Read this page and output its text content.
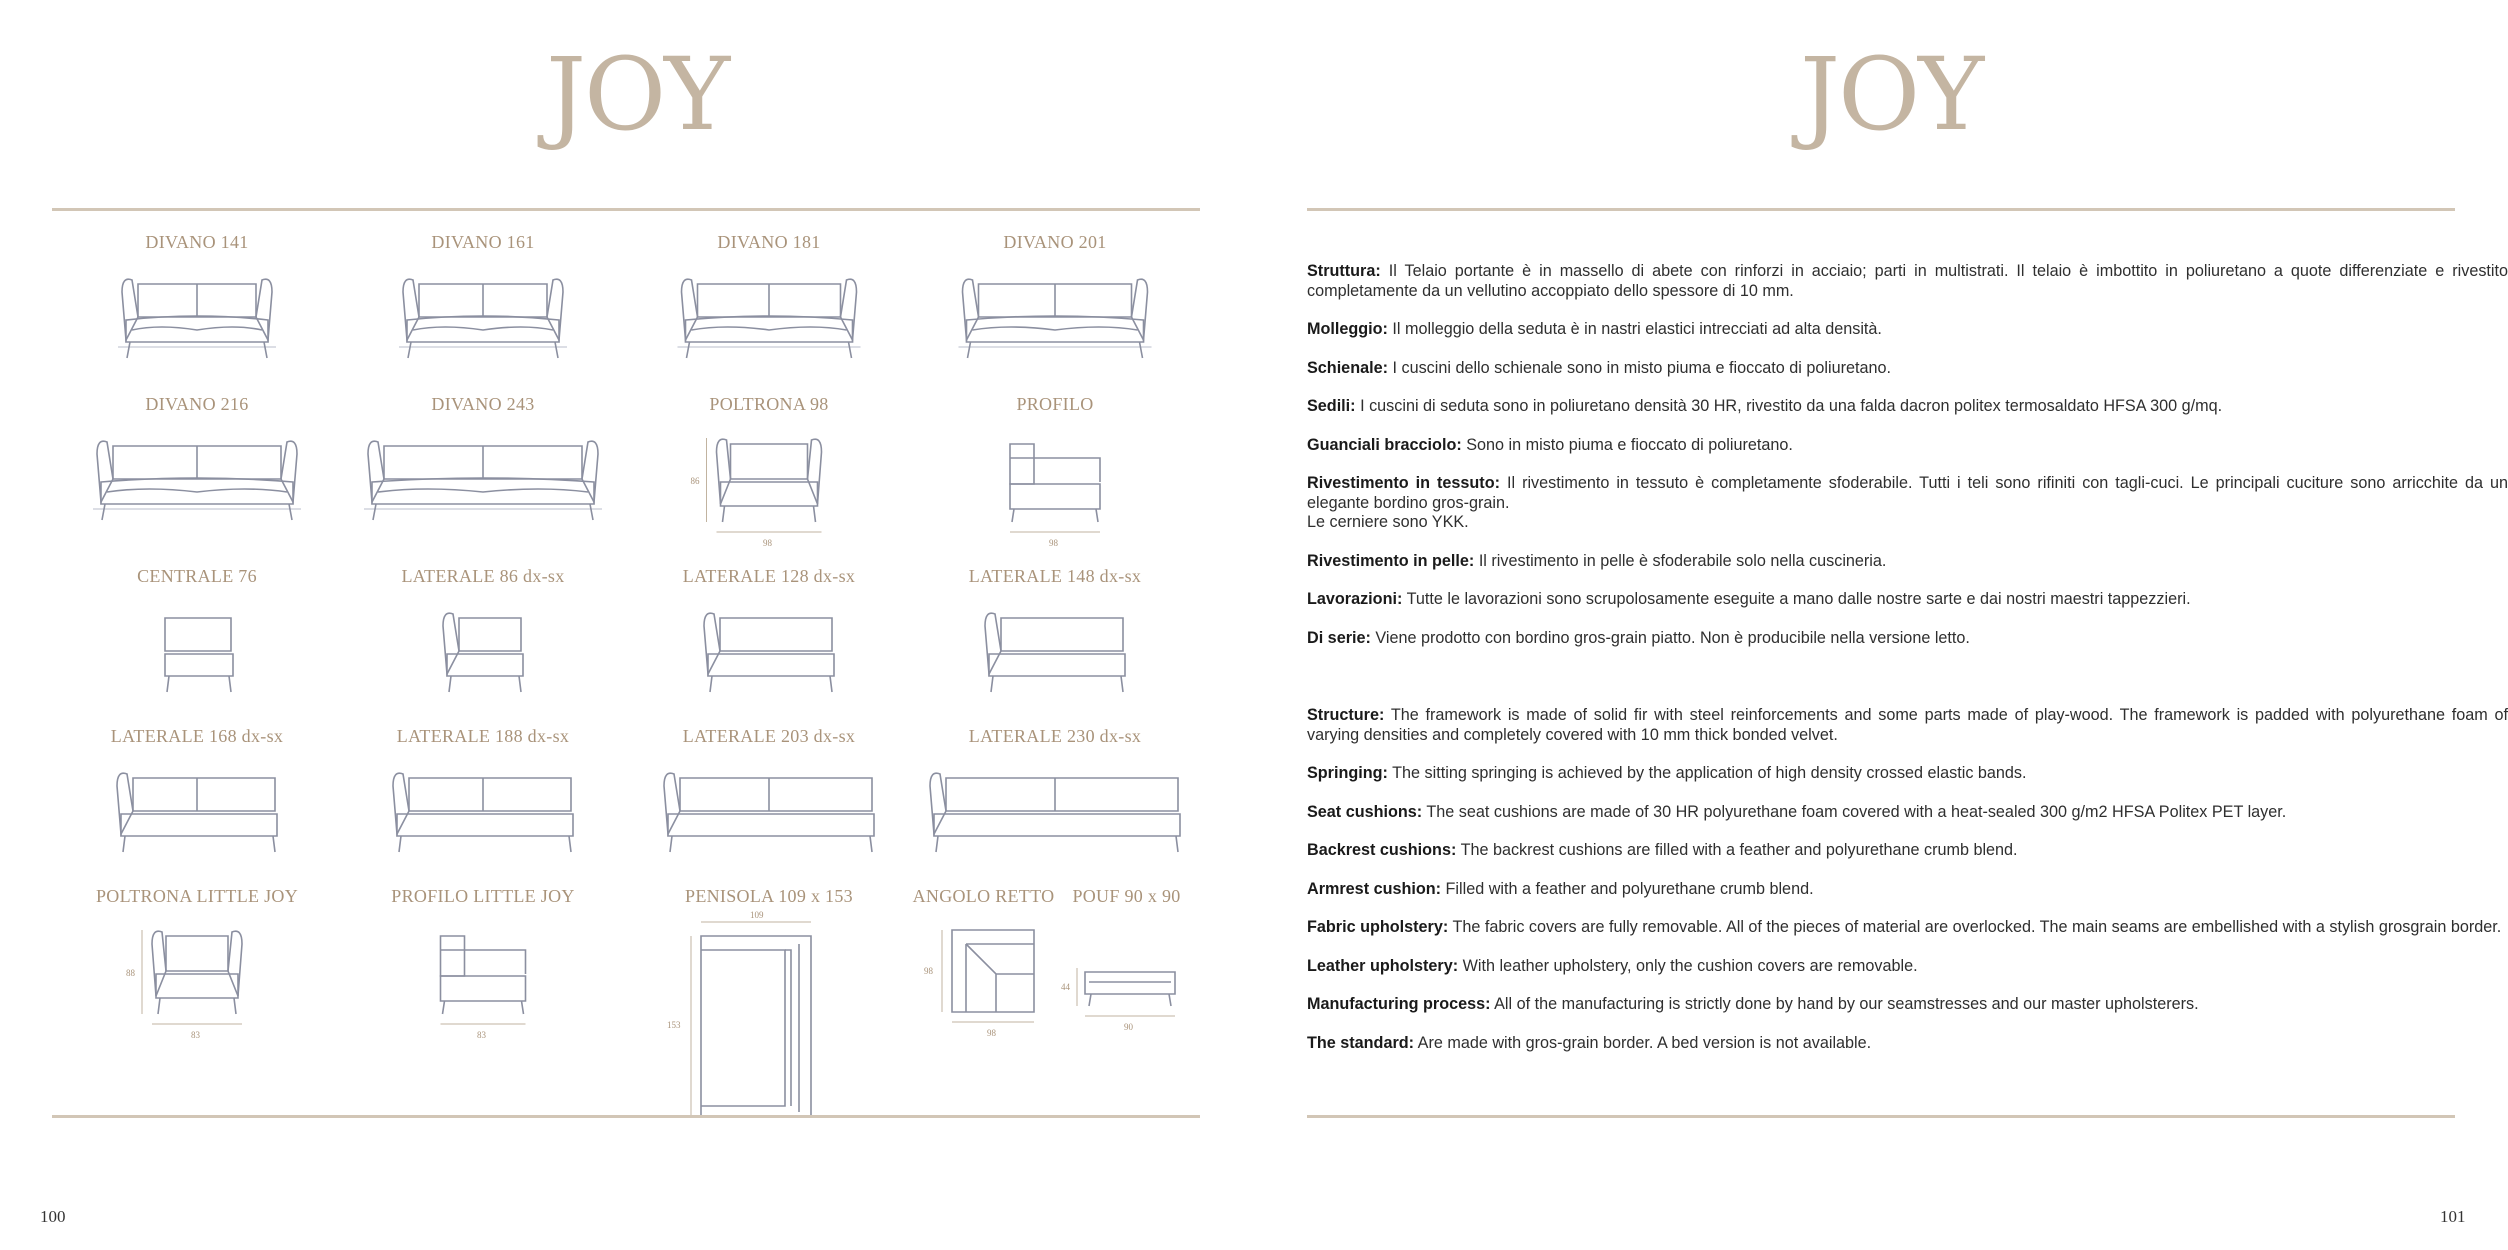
JOY
DIVANO 141	DIVANO 161	DIVANO 181	DIVANO 201
DIVANO 216	DIVANO 243	POLTRONA 98
86
98
PROFILO
98
CENTRALE 76	LATERALE 86 dx-sx	LATERALE 128 dx-sx	LATERALE 148 dx-sx
LATERALE 168 dx-sx	LATERALE 188 dx-sx	LATERALE 203 dx-sx	LATERALE 230 dx-sx
POLTRONA LITTLE JOY
88
83
PROFILO LITTLE JOY
83
PENISOLA 109 x 153
109
153
ANGOLO RETTO
98
98
POUF 90 x 90
44
90
100
JOY

Struttura: Il Telaio portante è in massello di abete con rinforzi in acciaio; parti in multistrati. Il telaio è imbottito in poliuretano a quote differenziate e rivestito completamente da un vellutino accoppiato dello spessore di 10 mm.

Molleggio: Il molleggio della seduta è in nastri elastici intrecciati ad alta densità.

Schienale: I cuscini dello schienale sono in misto piuma e fioccato di poliuretano.

Sedili: I cuscini di seduta sono in poliuretano densità 30 HR, rivestito da una falda dacron politex termosaldato HFSA 300 g/mq.

Guanciali bracciolo: Sono in misto piuma e fioccato di poliuretano.

Rivestimento in tessuto: Il rivestimento in tessuto è completamente sfoderabile. Tutti i teli sono rifiniti con tagli-cuci. Le principali cuciture sono arricchite da un elegante bordino gros-grain.
Le cerniere sono YKK.

Rivestimento in pelle: Il rivestimento in pelle è sfoderabile solo nella cuscineria.

Lavorazioni: Tutte le lavorazioni sono scrupolosamente eseguite a mano dalle nostre sarte e dai nostri maestri tappezzieri.

Di serie: Viene prodotto con bordino gros-grain piatto. Non è producibile nella versione letto.

Structure: The framework is made of solid fir with steel reinforcements and some parts made of play-wood. The framework is padded with polyurethane foam of varying densities and completely covered with 10 mm thick bonded velvet.

Springing: The sitting springing is achieved by the application of high density crossed elastic bands.

Seat cushions: The seat cushions are made of 30 HR polyurethane foam covered with a heat-sealed 300 g/m2 HFSA Politex PET layer.

Backrest cushions: The backrest cushions are filled with a feather and polyurethane crumb blend.

Armrest cushion: Filled with a feather and polyurethane crumb blend.

Fabric upholstery: The fabric covers are fully removable. All of the pieces of material are overlocked. The main seams are embellished with a stylish grosgrain border.

Leather upholstery: With leather upholstery, only the cushion covers are removable.

Manufacturing process: All of the manufacturing is strictly done by hand by our seamstresses and our master upholsterers.

The standard: Are made with gros-grain border. A bed version is not available.

101
